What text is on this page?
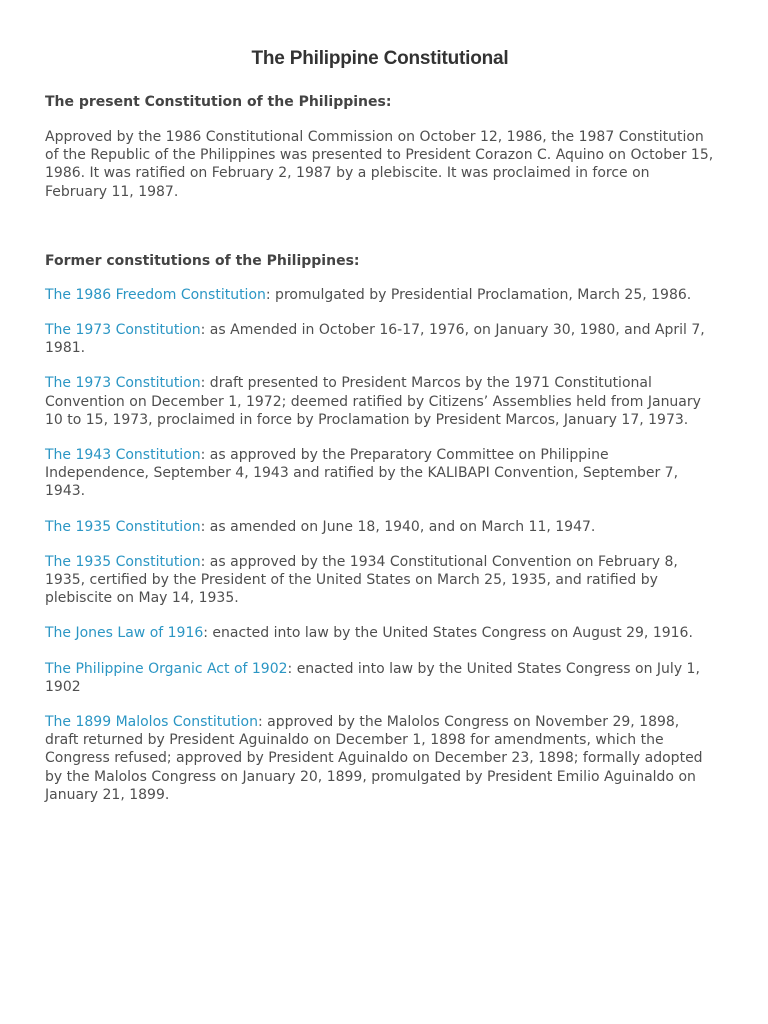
The Philippine Constitutional
The present Constitution of the Philippines:

Approved by the 1986 Constitutional Commission on October 12, 1986, the 1987 Constitution of the Republic of the Philippines was presented to President Corazon C. Aquino on October 15, 1986. It was ratified on February 2, 1987 by a plebiscite. It was proclaimed in force on February 11, 1987.

Former constitutions of the Philippines:

The 1986 Freedom Constitution: promulgated by Presidential Proclamation, March 25, 1986.

The 1973 Constitution: as Amended in October 16-17, 1976, on January 30, 1980, and April 7, 1981.

The 1973 Constitution: draft presented to President Marcos by the 1971 Constitutional Convention on December 1, 1972; deemed ratified by Citizens’ Assemblies held from January 10 to 15, 1973, proclaimed in force by Proclamation by President Marcos, January 17, 1973.

The 1943 Constitution: as approved by the Preparatory Committee on Philippine Independence, September 4, 1943 and ratified by the KALIBAPI Convention, September 7, 1943.

The 1935 Constitution: as amended on June 18, 1940, and on March 11, 1947.

The 1935 Constitution: as approved by the 1934 Constitutional Convention on February 8, 1935, certified by the President of the United States on March 25, 1935, and ratified by plebiscite on May 14, 1935.

The Jones Law of 1916: enacted into law by the United States Congress on August 29, 1916.

The Philippine Organic Act of 1902: enacted into law by the United States Congress on July 1, 1902

The 1899 Malolos Constitution: approved by the Malolos Congress on November 29, 1898, draft returned by President Aguinaldo on December 1, 1898 for amendments, which the Congress refused; approved by President Aguinaldo on December 23, 1898; formally adopted by the Malolos Congress on January 20, 1899, promulgated by President Emilio Aguinaldo on January 21, 1899.
